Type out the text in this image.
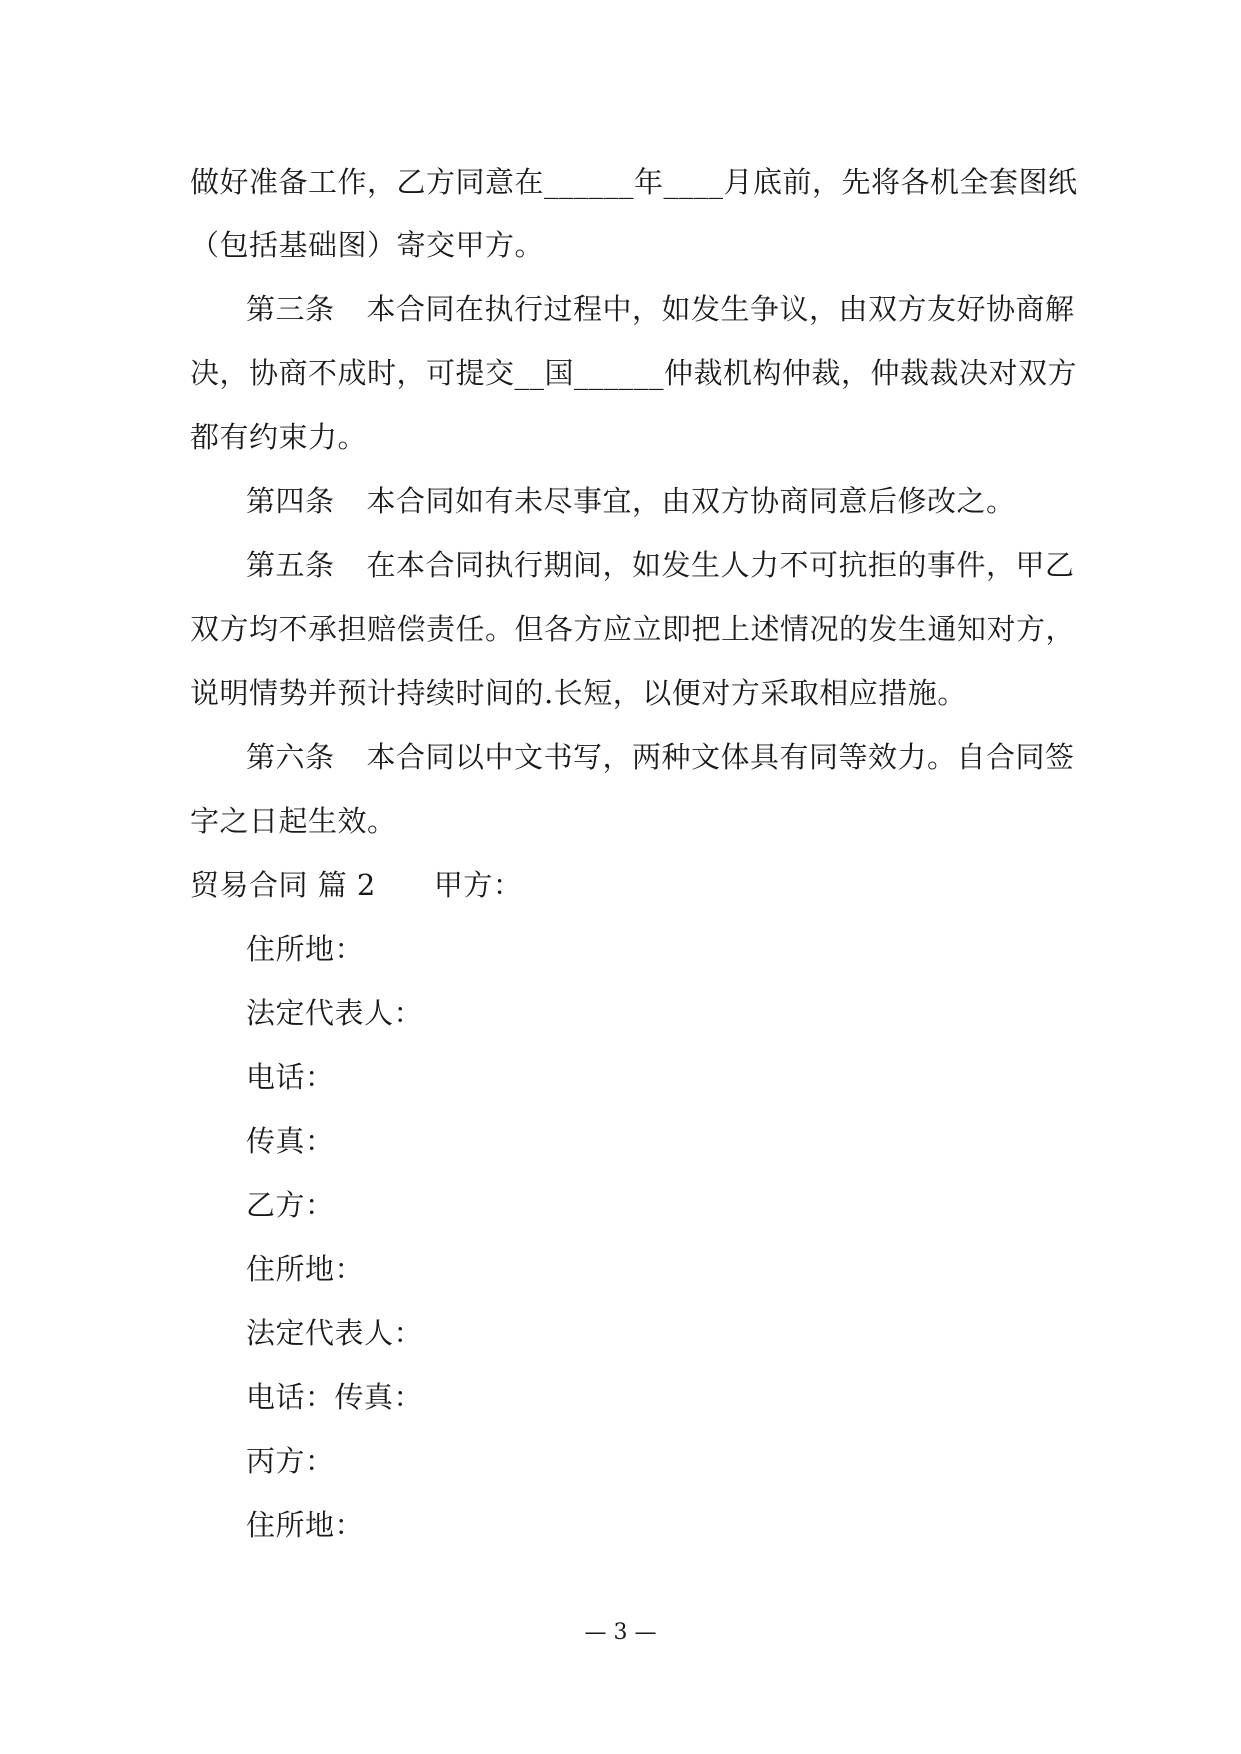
做好准备工作，乙方同意在______年____月底前，先将各机全套图纸
（包括基础图）寄交甲方。
第三条 本合同在执行过程中，如发生争议，由双方友好协商解
决，协商不成时，可提交__国______仲裁机构仲裁，仲裁裁决对双方
都有约束力。
第四条 本合同如有未尽事宜，由双方协商同意后修改之。
第五条 在本合同执行期间，如发生人力不可抗拒的事件，甲乙
双方均不承担赔偿责任。但各方应立即把上述情况的发生通知对方，
说明情势并预计持续时间的.长短，以便对方采取相应措施。
第六条 本合同以中文书写，两种文体具有同等效力。自合同签
字之日起生效。
贸易合同 篇 2 甲方：
住所地：
法定代表人：
电话：
传真：
乙方：
住所地：
法定代表人：
电话：传真：
丙方：
住所地：
— 3 —
